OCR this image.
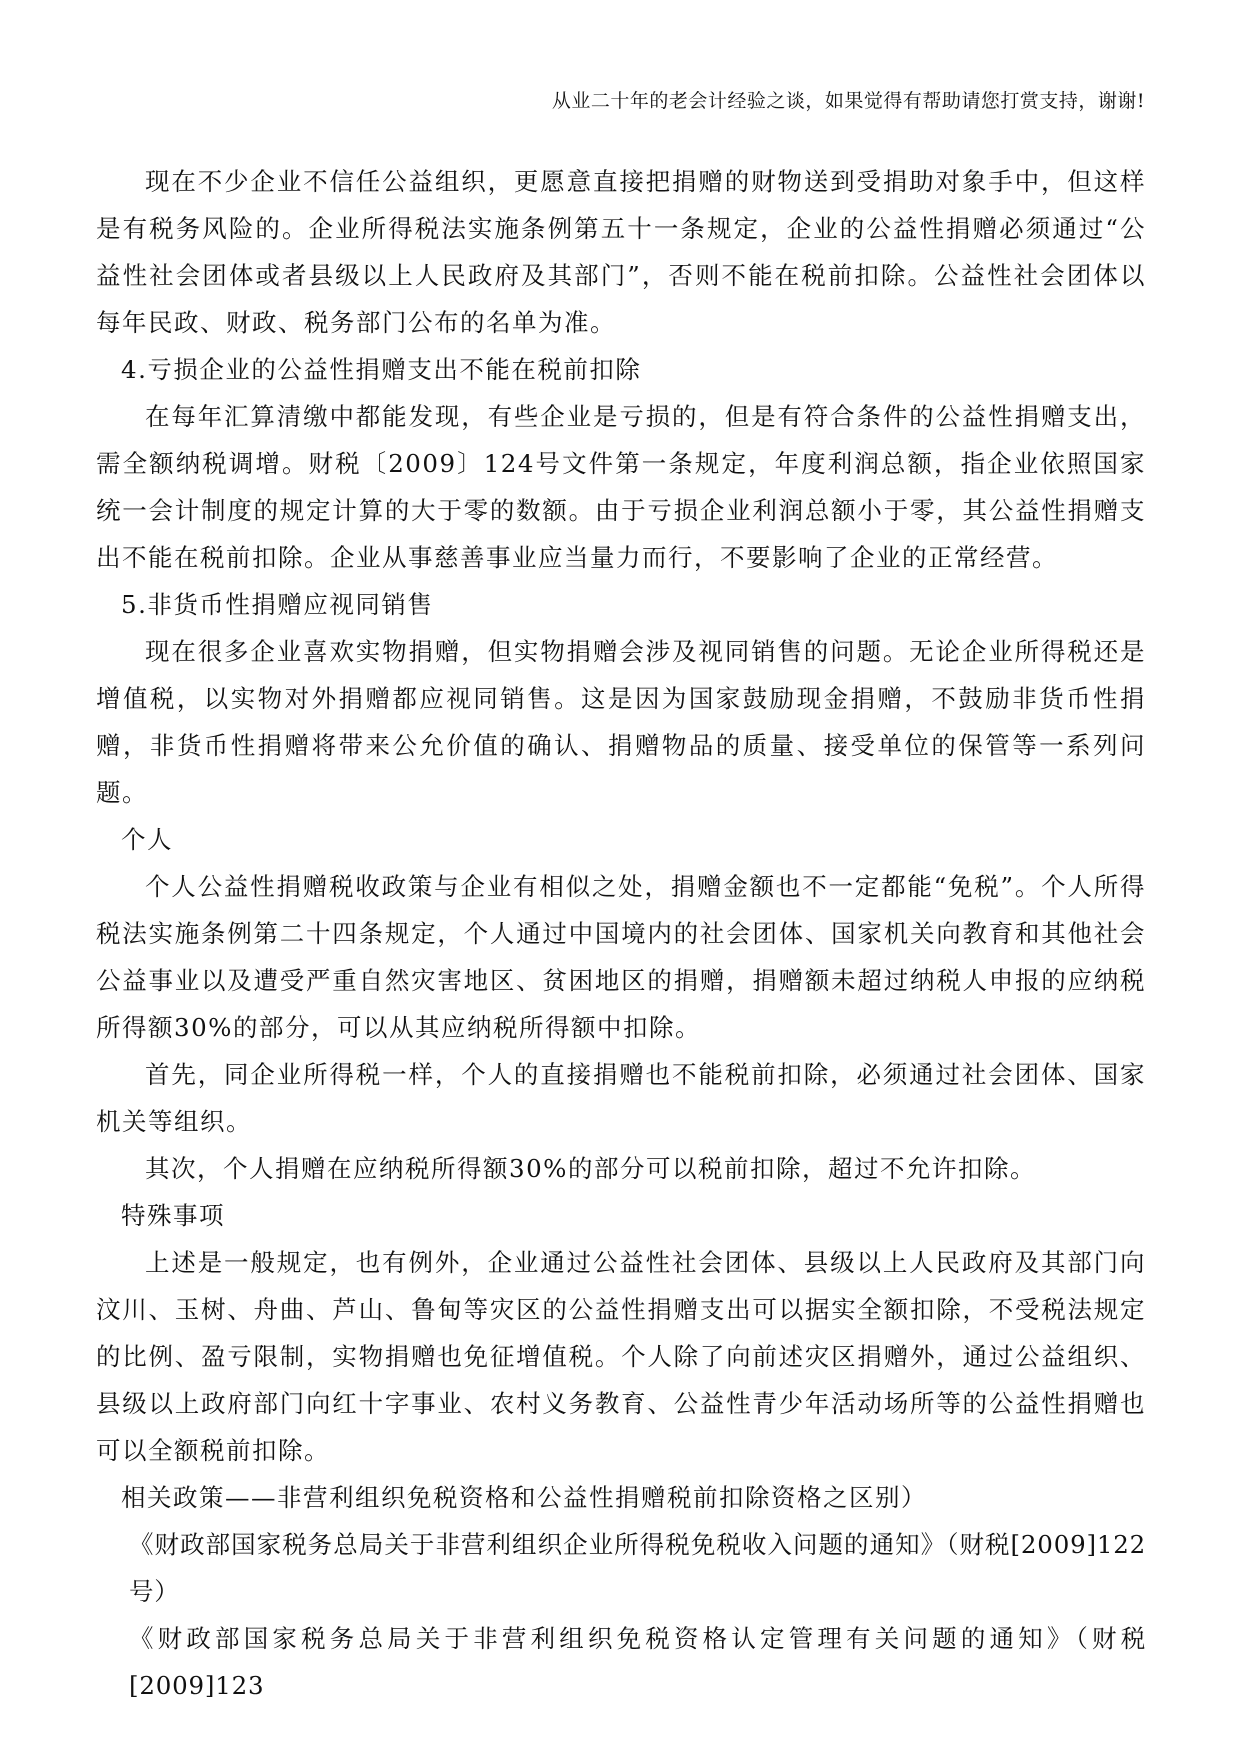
从业二十年的老会计经验之谈，如果觉得有帮助请您打赏支持，谢谢!

现在不少企业不信任公益组织，更愿意直接把捐赠的财物送到受捐助对象手中，但这样是有税务风险的。企业所得税法实施条例第五十一条规定，企业的公益性捐赠必须通过“公益性社会团体或者县级以上人民政府及其部门”，否则不能在税前扣除。公益性社会团体以每年民政、财政、税务部门公布的名单为准。

4.亏损企业的公益性捐赠支出不能在税前扣除

在每年汇算清缴中都能发现，有些企业是亏损的，但是有符合条件的公益性捐赠支出，需全额纳税调增。财税〔2009〕124号文件第一条规定，年度利润总额，指企业依照国家统一会计制度的规定计算的大于零的数额。由于亏损企业利润总额小于零，其公益性捐赠支出不能在税前扣除。企业从事慈善事业应当量力而行，不要影响了企业的正常经营。

5.非货币性捐赠应视同销售

现在很多企业喜欢实物捐赠，但实物捐赠会涉及视同销售的问题。无论企业所得税还是增值税，以实物对外捐赠都应视同销售。这是因为国家鼓励现金捐赠，不鼓励非货币性捐赠，非货币性捐赠将带来公允价值的确认、捐赠物品的质量、接受单位的保管等一系列问题。

个人

个人公益性捐赠税收政策与企业有相似之处，捐赠金额也不一定都能“免税”。个人所得税法实施条例第二十四条规定，个人通过中国境内的社会团体、国家机关向教育和其他社会公益事业以及遭受严重自然灾害地区、贫困地区的捐赠，捐赠额未超过纳税人申报的应纳税所得额30%的部分，可以从其应纳税所得额中扣除。

首先，同企业所得税一样，个人的直接捐赠也不能税前扣除，必须通过社会团体、国家机关等组织。

其次，个人捐赠在应纳税所得额30%的部分可以税前扣除，超过不允许扣除。

特殊事项

上述是一般规定，也有例外，企业通过公益性社会团体、县级以上人民政府及其部门向汶川、玉树、舟曲、芦山、鲁甸等灾区的公益性捐赠支出可以据实全额扣除，不受税法规定的比例、盈亏限制，实物捐赠也免征增值税。个人除了向前述灾区捐赠外，通过公益组织、县级以上政府部门向红十字事业、农村义务教育、公益性青少年活动场所等的公益性捐赠也可以全额税前扣除。

相关政策——非营利组织免税资格和公益性捐赠税前扣除资格之区别）

《财政部国家税务总局关于非营利组织企业所得税免税收入问题的通知》（财税[2009]122号）

《财政部国家税务总局关于非营利组织免税资格认定管理有关问题的通知》（财税[2009]123
